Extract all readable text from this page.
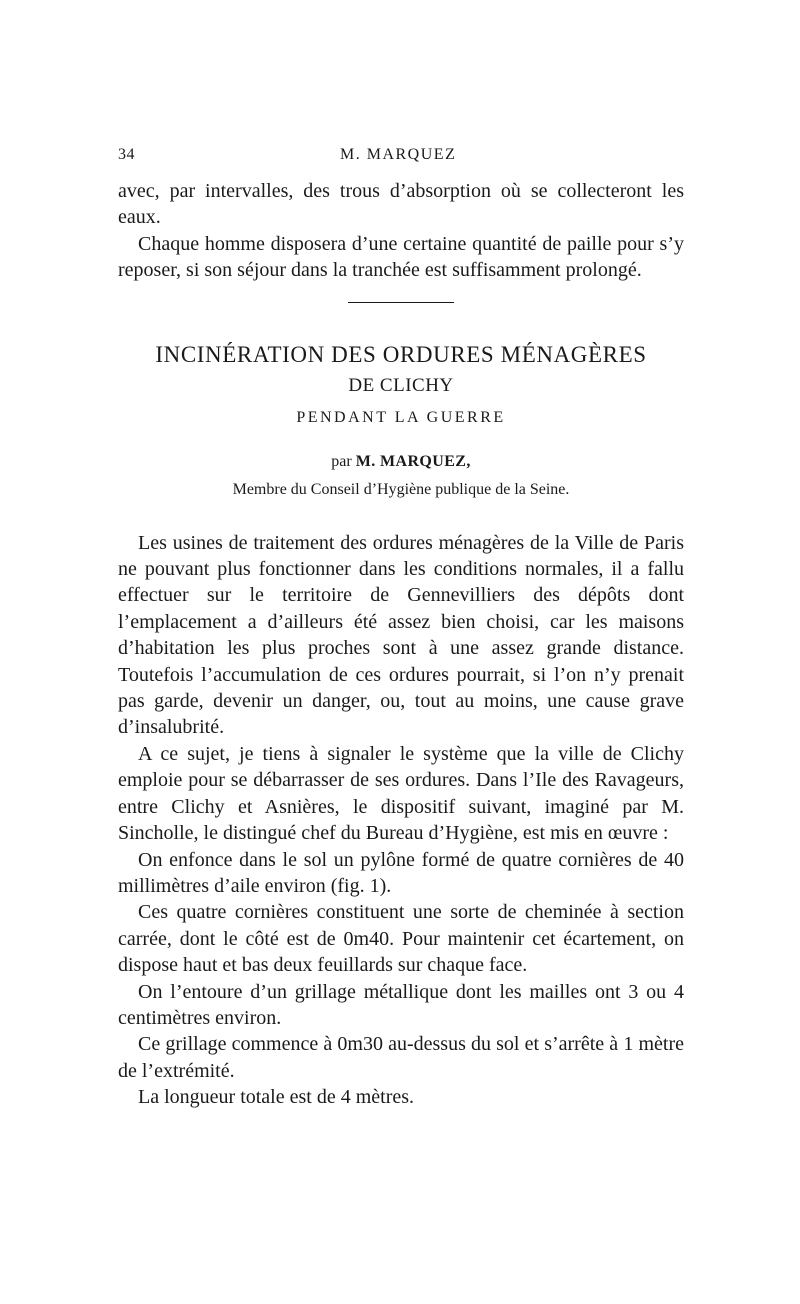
34	M. MARQUEZ

avec, par intervalles, des trous d’absorption où se collecteront les eaux.

Chaque homme disposera d’une certaine quantité de paille pour s’y reposer, si son séjour dans la tranchée est suffisamment prolongé.

INCINÉRATION DES ORDURES MÉNAGÈRES
DE CLICHY
PENDANT LA GUERRE
par M. MARQUEZ,
Membre du Conseil d’Hygiène publique de la Seine.

Les usines de traitement des ordures ménagères de la Ville de Paris ne pouvant plus fonctionner dans les conditions normales, il a fallu effectuer sur le territoire de Gennevilliers des dépôts dont l’emplacement a d’ailleurs été assez bien choisi, car les maisons d’habitation les plus proches sont à une assez grande distance. Toutefois l’accumulation de ces ordures pourrait, si l’on n’y prenait pas garde, devenir un danger, ou, tout au moins, une cause grave d’insalubrité.

A ce sujet, je tiens à signaler le système que la ville de Clichy emploie pour se débarrasser de ses ordures. Dans l’Ile des Ravageurs, entre Clichy et Asnières, le dispositif suivant, imaginé par M. Sincholle, le distingué chef du Bureau d’Hygiène, est mis en œuvre :

On enfonce dans le sol un pylône formé de quatre cornières de 40 millimètres d’aile environ (fig. 1).

Ces quatre cornières constituent une sorte de cheminée à section carrée, dont le côté est de 0m40. Pour maintenir cet écartement, on dispose haut et bas deux feuillards sur chaque face.

On l’entoure d’un grillage métallique dont les mailles ont 3 ou 4 centimètres environ.

Ce grillage commence à 0m30 au-dessus du sol et s’arrête à 1 mètre de l’extrémité.

La longueur totale est de 4 mètres.
